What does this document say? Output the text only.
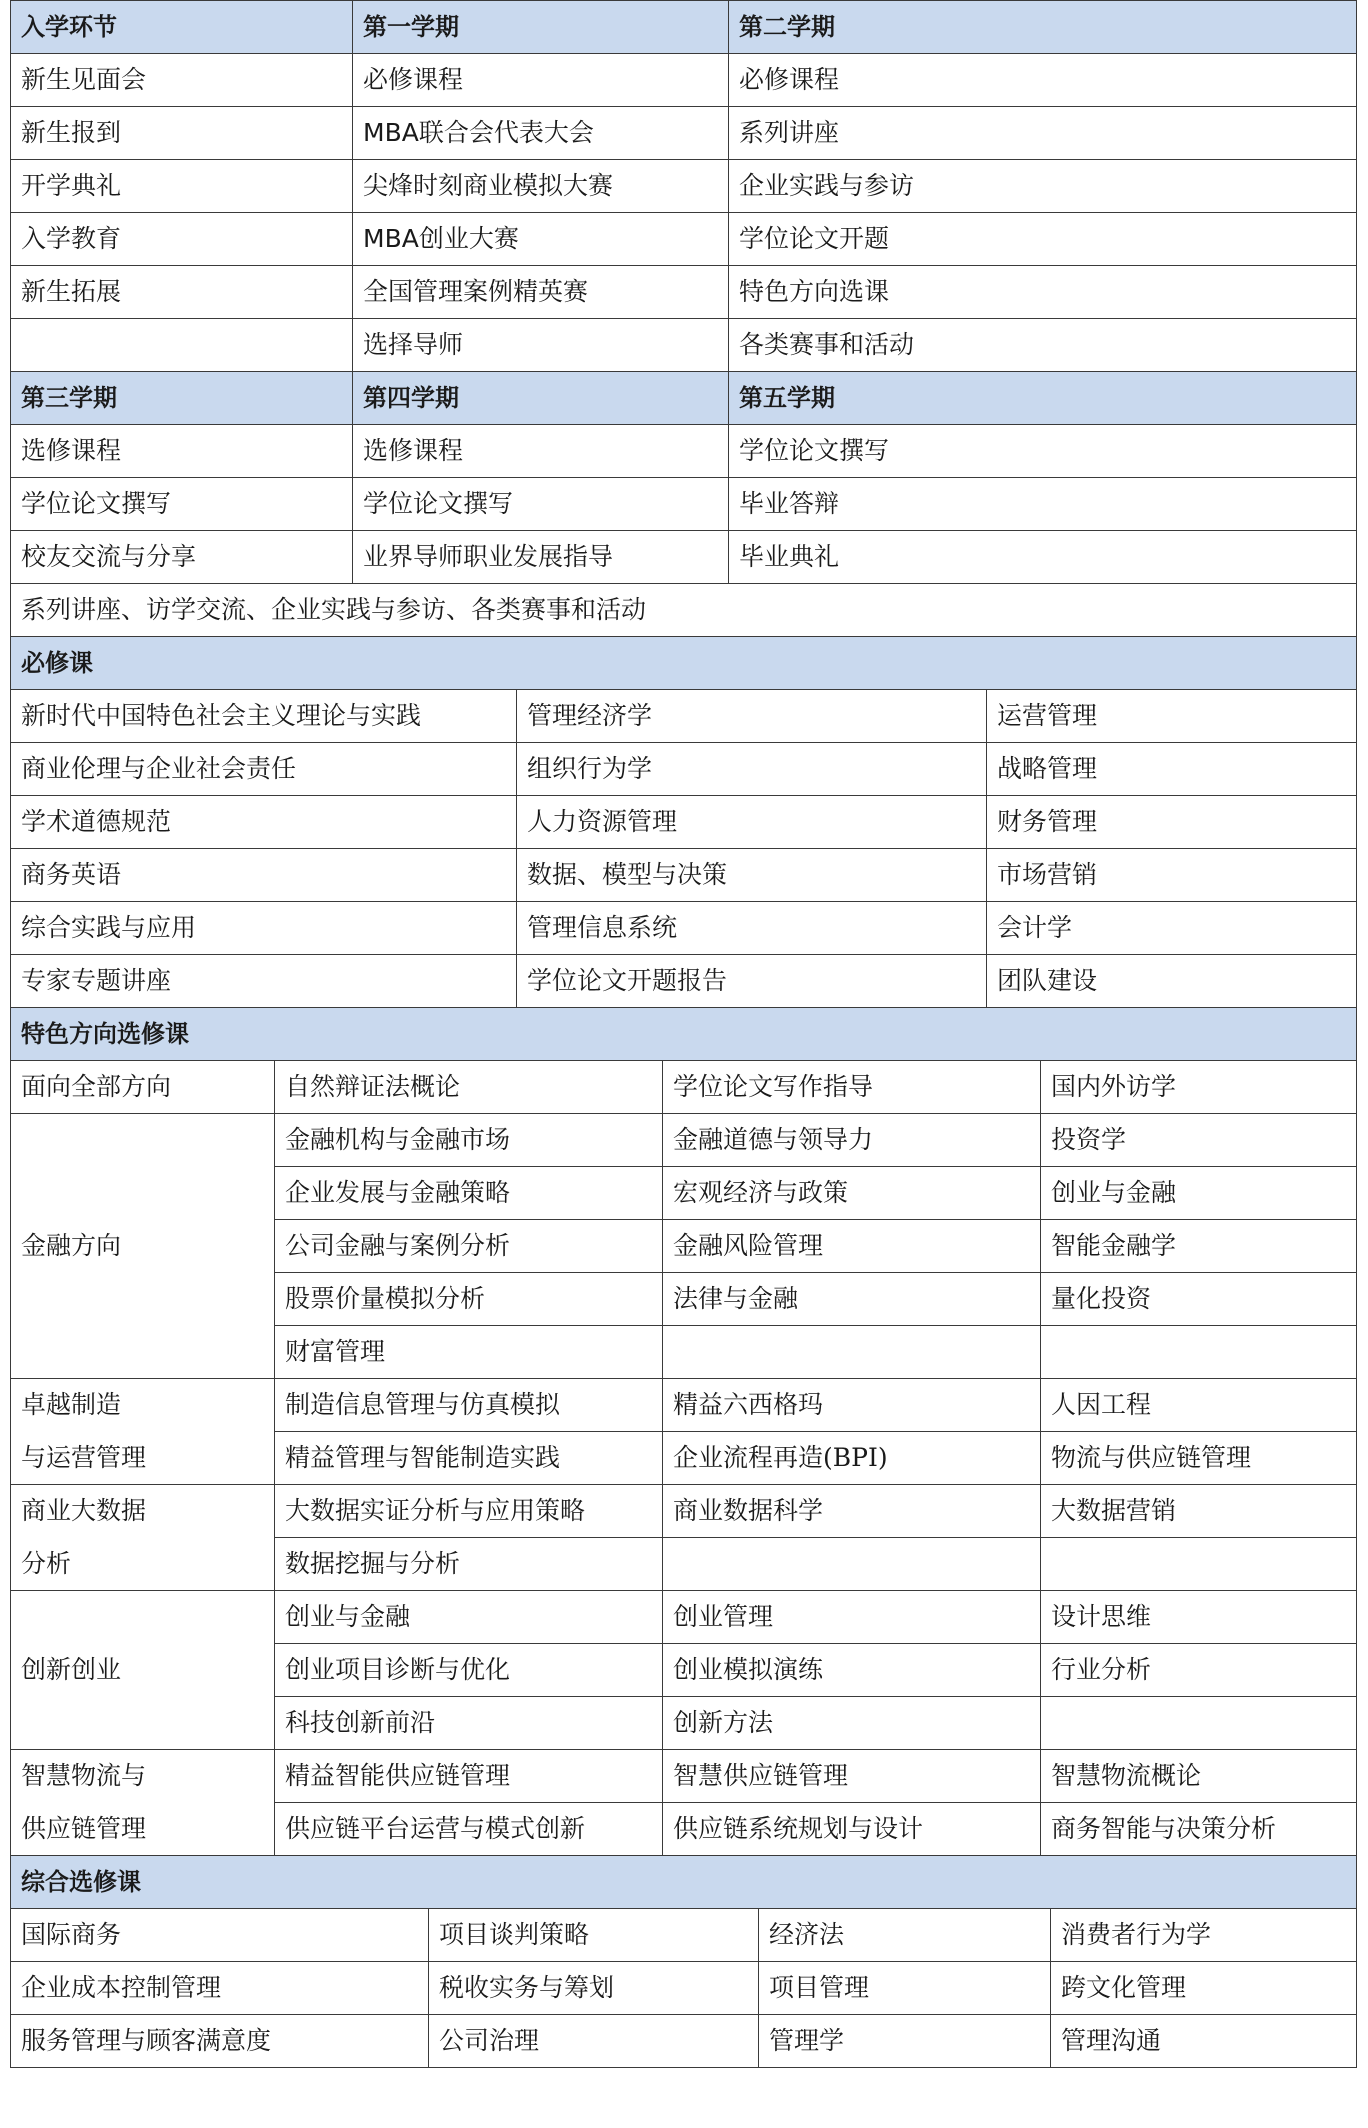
入学环节	第一学期	第二学期
新生见面会	必修课程	必修课程
新生报到	MBA联合会代表大会	系列讲座
开学典礼	尖烽时刻商业模拟大赛	企业实践与参访
入学教育	MBA创业大赛	学位论文开题
新生拓展	全国管理案例精英赛	特色方向选课
	选择导师	各类赛事和活动
第三学期	第四学期	第五学期
选修课程	选修课程	学位论文撰写
学位论文撰写	学位论文撰写	毕业答辩
校友交流与分享	业界导师职业发展指导	毕业典礼
系列讲座、访学交流、企业实践与参访、各类赛事和活动		
必修课		
新时代中国特色社会主义理论与实践	管理经济学	运营管理
商业伦理与企业社会责任	组织行为学	战略管理
学术道德规范	人力资源管理	财务管理
商务英语	数据、模型与决策	市场营销
综合实践与应用	管理信息系统	会计学
专家专题讲座	学位论文开题报告	团队建设
特色方向选修课			
面向全部方向	自然辩证法概论	学位论文写作指导	国内外访学
金融方向	金融机构与金融市场	金融道德与领导力	投资学
	企业发展与金融策略	宏观经济与政策	创业与金融
	公司金融与案例分析	金融风险管理	智能金融学
	股票价量模拟分析	法律与金融	量化投资
	财富管理		
卓越制造	制造信息管理与仿真模拟	精益六西格玛	人因工程
与运营管理	精益管理与智能制造实践	企业流程再造(BPI)	物流与供应链管理
商业大数据	大数据实证分析与应用策略	商业数据科学	大数据营销
分析	数据挖掘与分析		
创新创业	创业与金融	创业管理	设计思维
	创业项目诊断与优化	创业模拟演练	行业分析
	科技创新前沿	创新方法	
智慧物流与	精益智能供应链管理	智慧供应链管理	智慧物流概论
供应链管理	供应链平台运营与模式创新	供应链系统规划与设计	商务智能与决策分析
综合选修课			
国际商务	项目谈判策略	经济法	消费者行为学
企业成本控制管理	税收实务与筹划	项目管理	跨文化管理
服务管理与顾客满意度	公司治理	管理学	管理沟通
